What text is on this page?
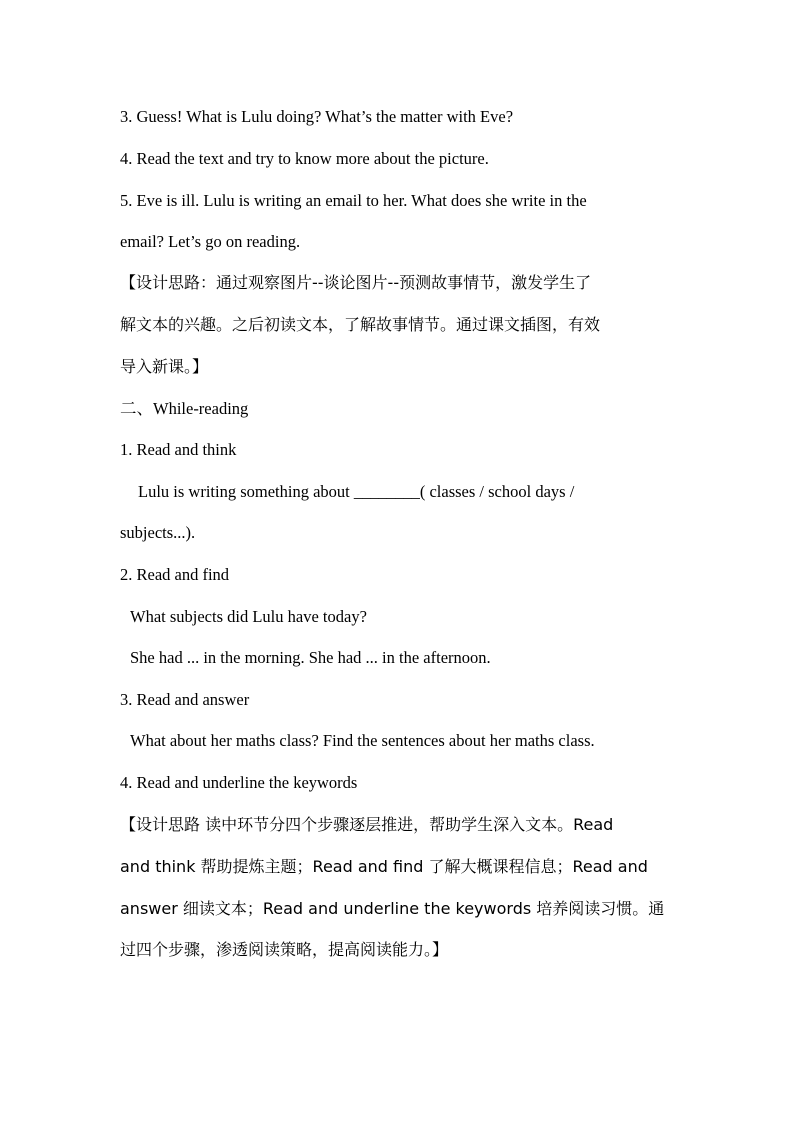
3. Guess! What is Lulu doing? What’s the matter with Eve?
4. Read the text and try to know more about the picture.
5. Eve is ill. Lulu is writing an email to her. What does she write in the
email? Let’s go on reading.
【设计思路：通过观察图片--谈论图片--预测故事情节，激发学生了
解文本的兴趣。之后初读文本，了解故事情节。通过课文插图，有效
导入新课。】
二、While-reading
1. Read and think
Lulu is writing something about ________( classes / school days /
subjects...).
2. Read and find
What subjects did Lulu have today?
She had ... in the morning. She had ... in the afternoon.
3. Read and answer
What about her maths class? Find the sentences about her maths class.
4. Read and underline the keywords
【设计思路 读中环节分四个步骤逐层推进，帮助学生深入文本。Read
and think 帮助提炼主题；Read and find 了解大概课程信息；Read and
answer 细读文本；Read and underline the keywords 培养阅读习惯。通
过四个步骤，渗透阅读策略，提高阅读能力。】
